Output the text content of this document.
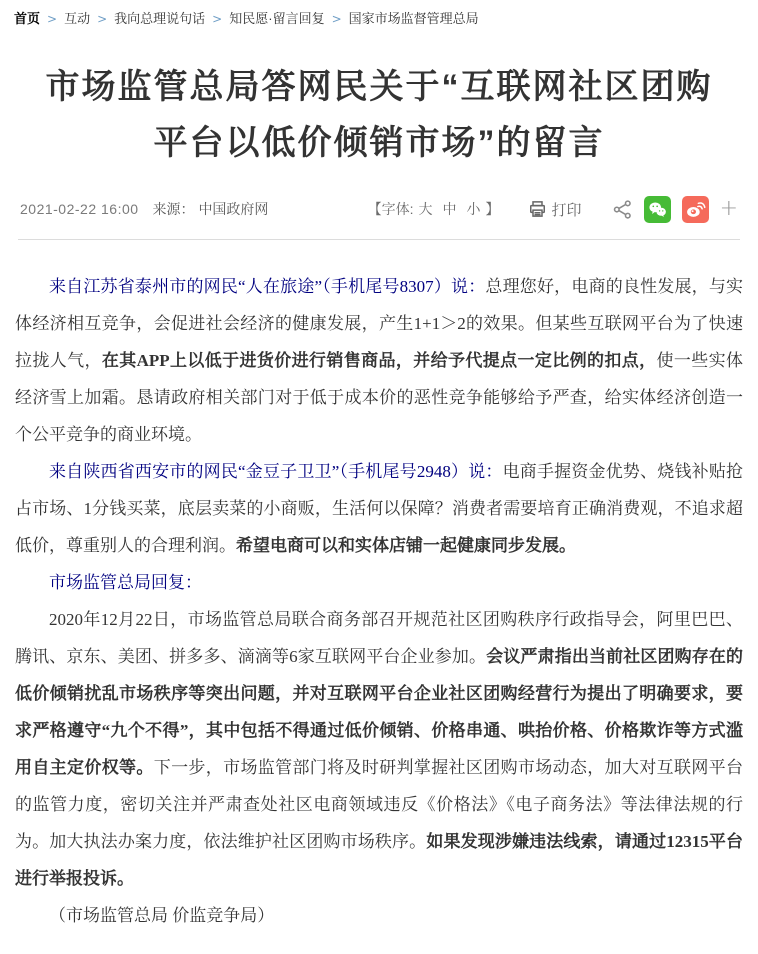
首页 > 互动 > 我向总理说句话 > 知民愿·留言回复 > 国家市场监督管理总局
市场监管总局答网民关于“互联网社区团购平台以低价倾销市场”的留言
2021-02-22 16:00 来源： 中国政府网	【字体: 大 中 小 】	打印	+

来自江苏省泰州市的网民“人在旅途”（手机尾号8307）说：总理您好，电商的良性发展，与实体经济相互竞争，会促进社会经济的健康发展，产生1+1＞2的效果。但某些互联网平台为了快速拉拢人气，在其APP上以低于进货价进行销售商品，并给予代提点一定比例的扣点，使一些实体经济雪上加霜。恳请政府相关部门对于低于成本价的恶性竞争能够给予严查，给实体经济创造一个公平竞争的商业环境。

来自陕西省西安市的网民“金豆子卫卫”（手机尾号2948）说：电商手握资金优势、烧钱补贴抢占市场、1分钱买菜，底层卖菜的小商贩，生活何以保障？消费者需要培育正确消费观，不追求超低价，尊重别人的合理利润。希望电商可以和实体店铺一起健康同步发展。

市场监管总局回复：

2020年12月22日，市场监管总局联合商务部召开规范社区团购秩序行政指导会，阿里巴巴、腾讯、京东、美团、拼多多、滴滴等6家互联网平台企业参加。会议严肃指出当前社区团购存在的低价倾销扰乱市场秩序等突出问题，并对互联网平台企业社区团购经营行为提出了明确要求，要求严格遵守“九个不得”，其中包括不得通过低价倾销、价格串通、哄抬价格、价格欺诈等方式滥用自主定价权等。下一步，市场监管部门将及时研判掌握社区团购市场动态，加大对互联网平台的监管力度，密切关注并严肃查处社区电商领域违反《价格法》《电子商务法》等法律法规的行为。加大执法办案力度，依法维护社区团购市场秩序。如果发现涉嫌违法线索，请通过12315平台进行举报投诉。

（市场监管总局 价监竞争局）
